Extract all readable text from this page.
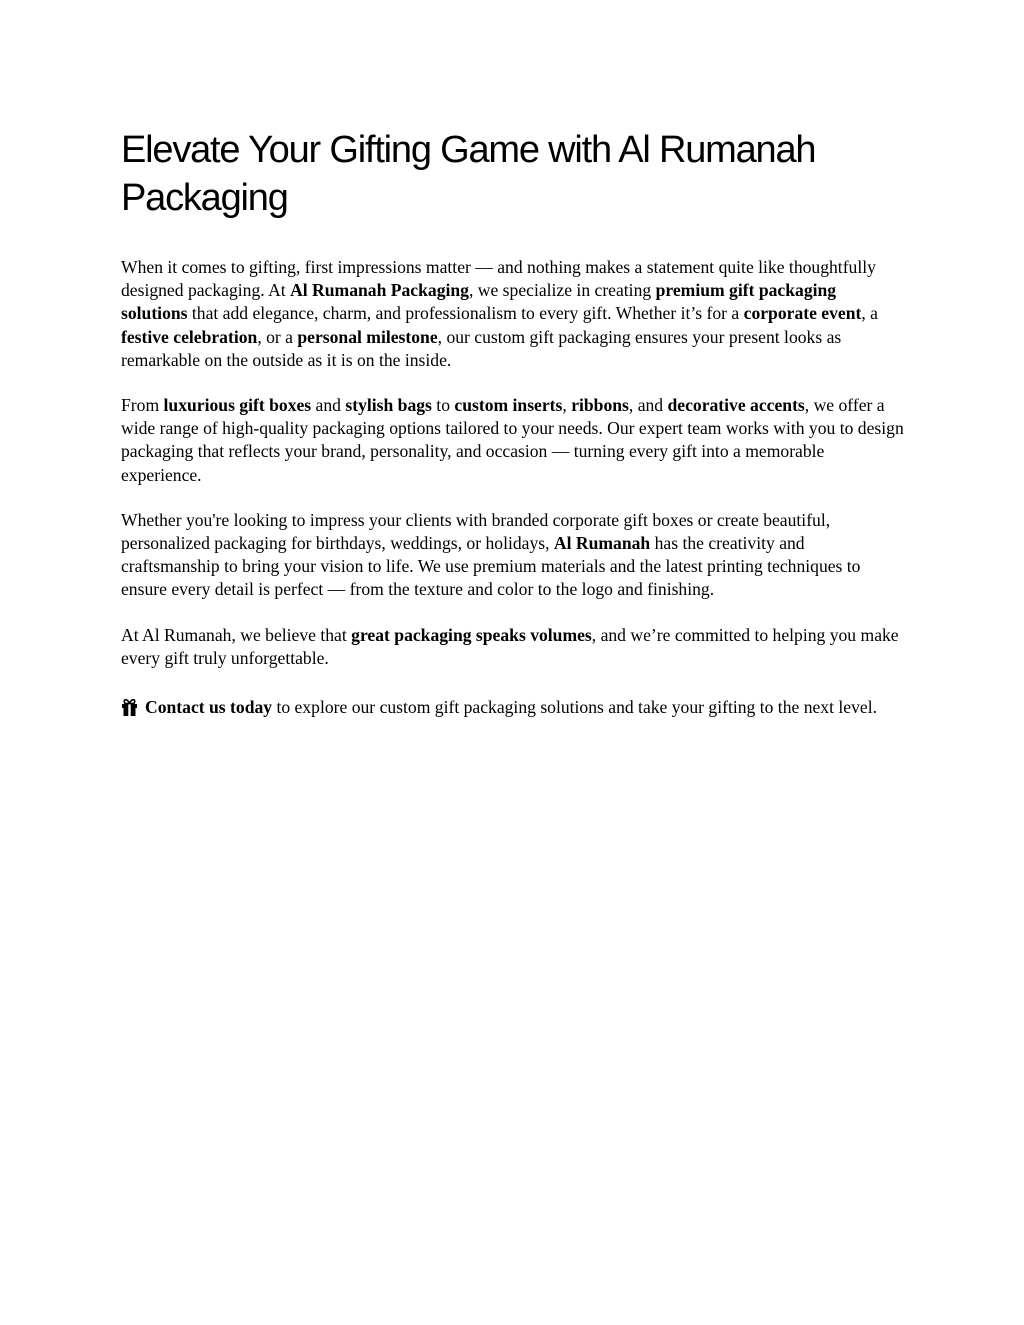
Elevate Your Gifting Game with Al Rumanah Packaging

When it comes to gifting, first impressions matter — and nothing makes a statement quite like thoughtfully designed packaging. At Al Rumanah Packaging, we specialize in creating premium gift packaging solutions that add elegance, charm, and professionalism to every gift. Whether it’s for a corporate event, a festive celebration, or a personal milestone, our custom gift packaging ensures your present looks as remarkable on the outside as it is on the inside.

From luxurious gift boxes and stylish bags to custom inserts, ribbons, and decorative accents, we offer a wide range of high-quality packaging options tailored to your needs. Our expert team works with you to design packaging that reflects your brand, personality, and occasion — turning every gift into a memorable experience.

Whether you're looking to impress your clients with branded corporate gift boxes or create beautiful, personalized packaging for birthdays, weddings, or holidays, Al Rumanah has the creativity and craftsmanship to bring your vision to life. We use premium materials and the latest printing techniques to ensure every detail is perfect — from the texture and color to the logo and finishing.

At Al Rumanah, we believe that great packaging speaks volumes, and we’re committed to helping you make every gift truly unforgettable.

Contact us today to explore our custom gift packaging solutions and take your gifting to the next level.
